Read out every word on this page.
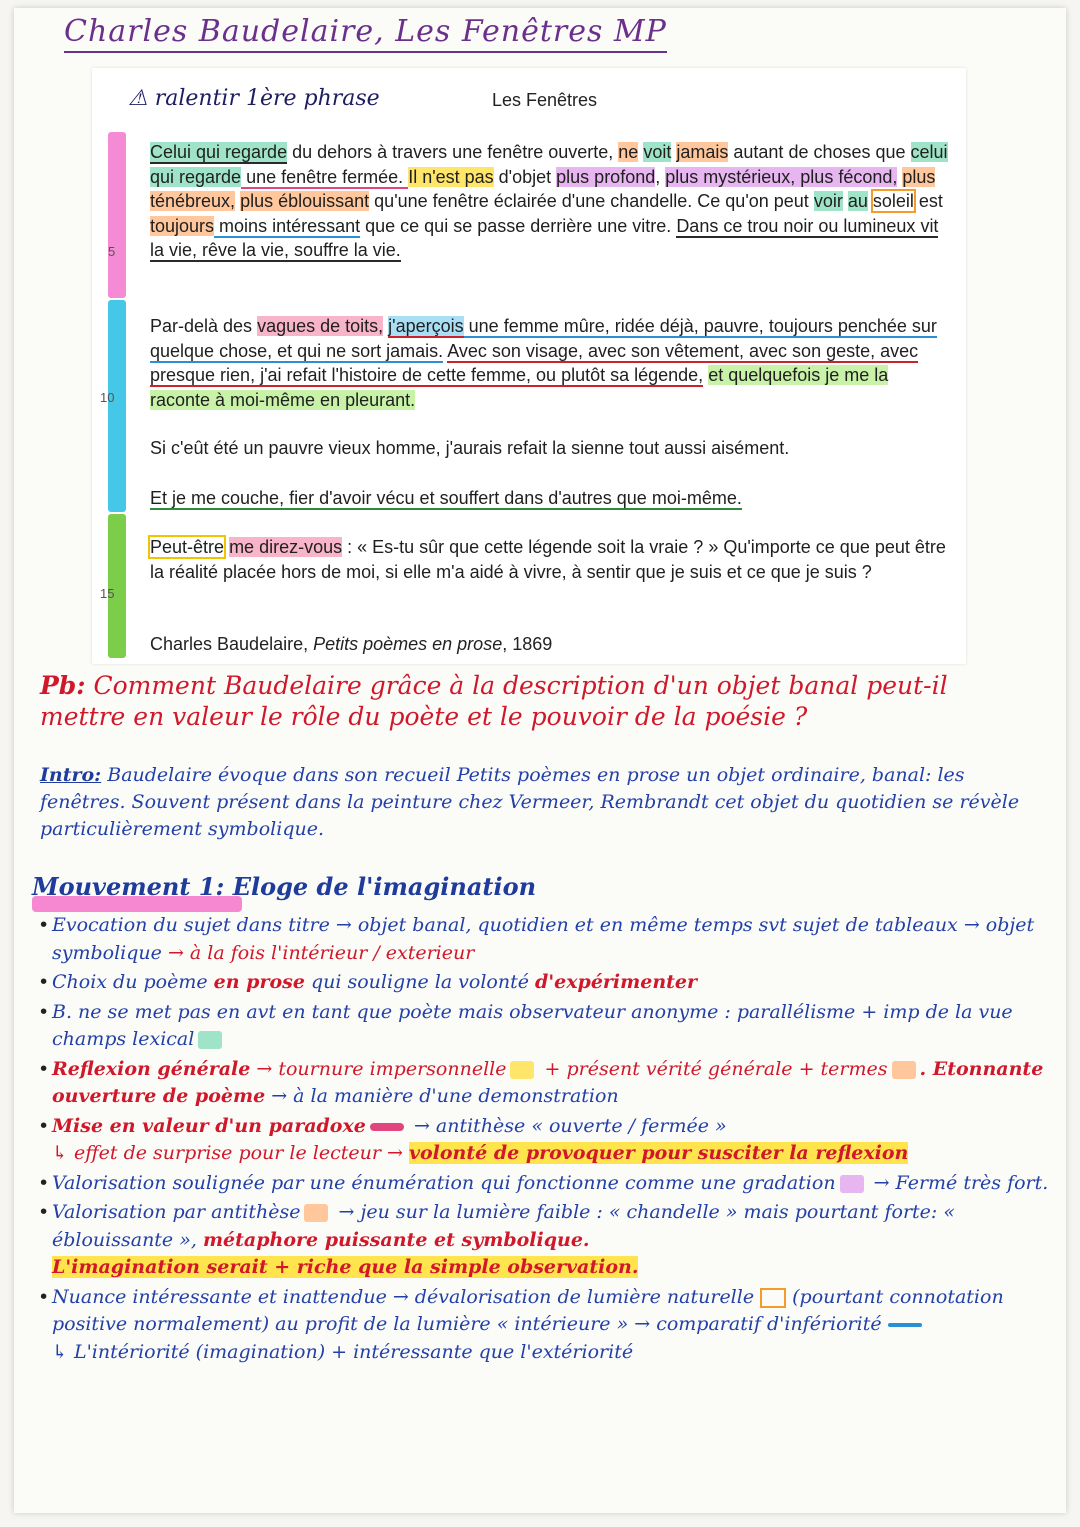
Charles Baudelaire, Les Fenêtres MP
⚠ ralentir 1ère phrase	Les Fenêtres
5
10
15

Celui qui regarde du dehors à travers une fenêtre ouverte, ne voit jamais autant de choses que celui qui regarde une fenêtre fermée. Il n'est pas d'objet plus profond, plus mystérieux, plus fécond, plus ténébreux, plus éblouissant qu'une fenêtre éclairée d'une chandelle. Ce qu'on peut voir au soleil est toujours moins intéressant que ce qui se passe derrière une vitre. Dans ce trou noir ou lumineux vit la vie, rêve la vie, souffre la vie.

Par-delà des vagues de toits, j'aperçois une femme mûre, ridée déjà, pauvre, toujours penchée sur quelque chose, et qui ne sort jamais. Avec son visage, avec son vêtement, avec son geste, avec presque rien, j'ai refait l'histoire de cette femme, ou plutôt sa légende, et quelquefois je me la raconte à moi-même en pleurant.

Si c'eût été un pauvre vieux homme, j'aurais refait la sienne tout aussi aisément.

Et je me couche, fier d'avoir vécu et souffert dans d'autres que moi-même.

Peut-être me direz-vous : « Es-tu sûr que cette légende soit la vraie ? » Qu'importe ce que peut être la réalité placée hors de moi, si elle m'a aidé à vivre, à sentir que je suis et ce que je suis ?

Charles Baudelaire, Petits poèmes en prose, 1869
Pb: Comment Baudelaire grâce à la description d'un objet banal peut-il mettre en valeur le rôle du poète et le pouvoir de la poésie ?
Intro: Baudelaire évoque dans son recueil Petits poèmes en prose un objet ordinaire, banal: les fenêtres. Souvent présent dans la peinture chez Vermeer, Rembrandt cet objet du quotidien se révèle particulièrement symbolique.
Mouvement 1: Eloge de l'imagination
• Evocation du sujet dans titre → objet banal, quotidien et en même temps svt sujet de tableaux → objet symbolique → à la fois l'intérieur / exterieur
• Choix du poème en prose qui souligne la volonté d'expérimenter
• B. ne se met pas en avt en tant que poète mais observateur anonyme : parallélisme + imp de la vue champs lexical
• Reflexion générale → tournure impersonnelle + présent vérité générale + termes . Etonnante ouverture de poème → à la manière d'une demonstration
• Mise en valeur d'un paradoxe → antithèse « ouverte / fermée »
↳ effet de surprise pour le lecteur → volonté de provoquer pour susciter la reflexion
• Valorisation soulignée par une énumération qui fonctionne comme une gradation → Fermé très fort.
• Valorisation par antithèse → jeu sur la lumière faible : « chandelle » mais pourtant forte: « éblouissante », métaphore puissante et symbolique.
L'imagination serait + riche que la simple observation.
• Nuance intéressante et inattendue → dévalorisation de lumière naturelle (pourtant connotation positive normalement) au profit de la lumière « intérieure » → comparatif d'infériorité
↳ L'intériorité (imagination) + intéressante que l'extériorité
